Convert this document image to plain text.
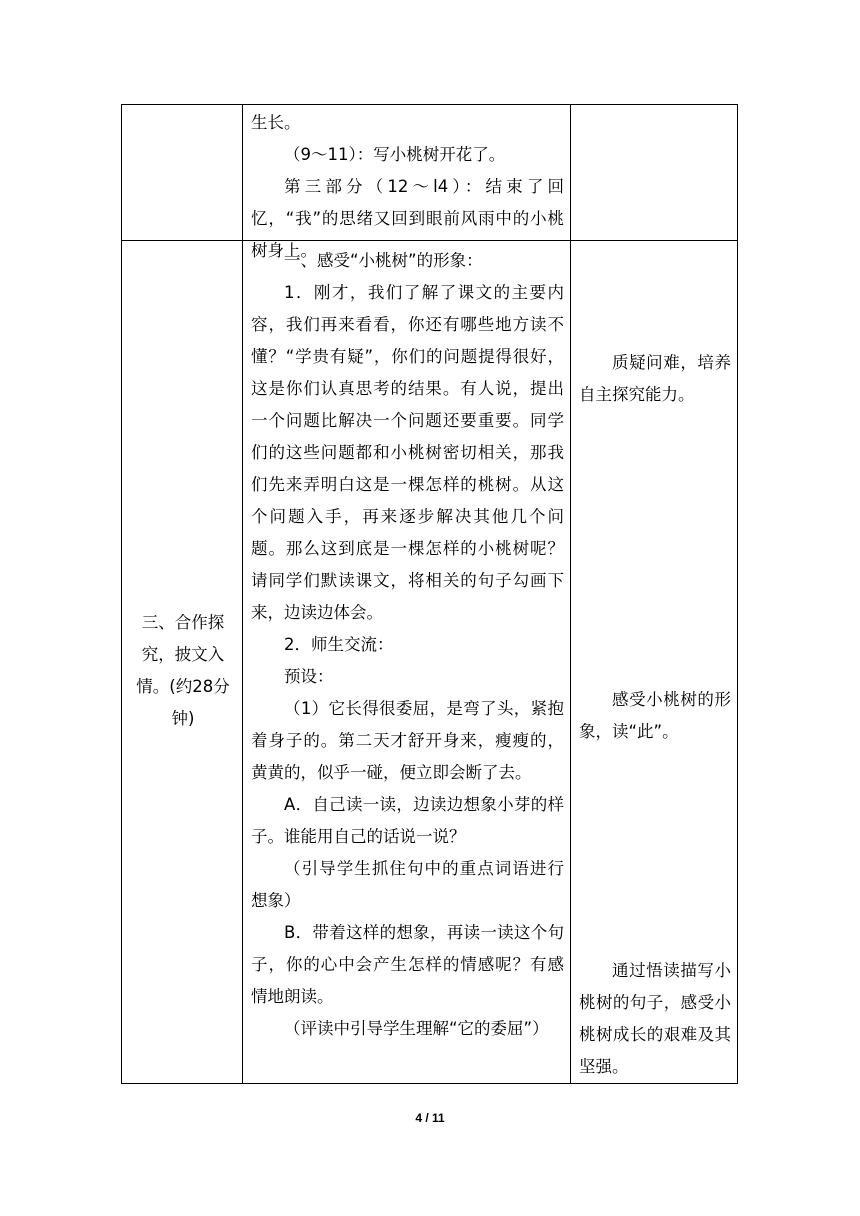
生长。

（9～11）：写小桃树开花了。

第三部分（12～l4）：结束了回忆，“我”的思绪又回到眼前风雨中的小桃树身上。

三、合作探究，披文入情。(约28分钟)

一、感受“小桃树”的形象：

1．刚才，我们了解了课文的主要内容，我们再来看看，你还有哪些地方读不懂？“学贵有疑”，你们的问题提得很好，这是你们认真思考的结果。有人说，提出一个问题比解决一个问题还要重要。同学们的这些问题都和小桃树密切相关，那我们先来弄明白这是一棵怎样的桃树。从这个问题入手，再来逐步解决其他几个问题。那么这到底是一棵怎样的小桃树呢？请同学们默读课文，将相关的句子勾画下来，边读边体会。

2．师生交流：

预设：

（1）它长得很委屈，是弯了头，紧抱着身子的。第二天才舒开身来，瘦瘦的，黄黄的，似乎一碰，便立即会断了去。

A．自己读一读，边读边想象小芽的样子。谁能用自己的话说一说？

（引导学生抓住句中的重点词语进行想象）

B．带着这样的想象，再读一读这个句子，你的心中会产生怎样的情感呢？有感情地朗读。

（评读中引导学生理解“它的委屈”）

质疑问难，培养自主探究能力。

感受小桃树的形象，读“此”。

通过悟读描写小桃树的句子，感受小桃树成长的艰难及其坚强。

4 / 11
